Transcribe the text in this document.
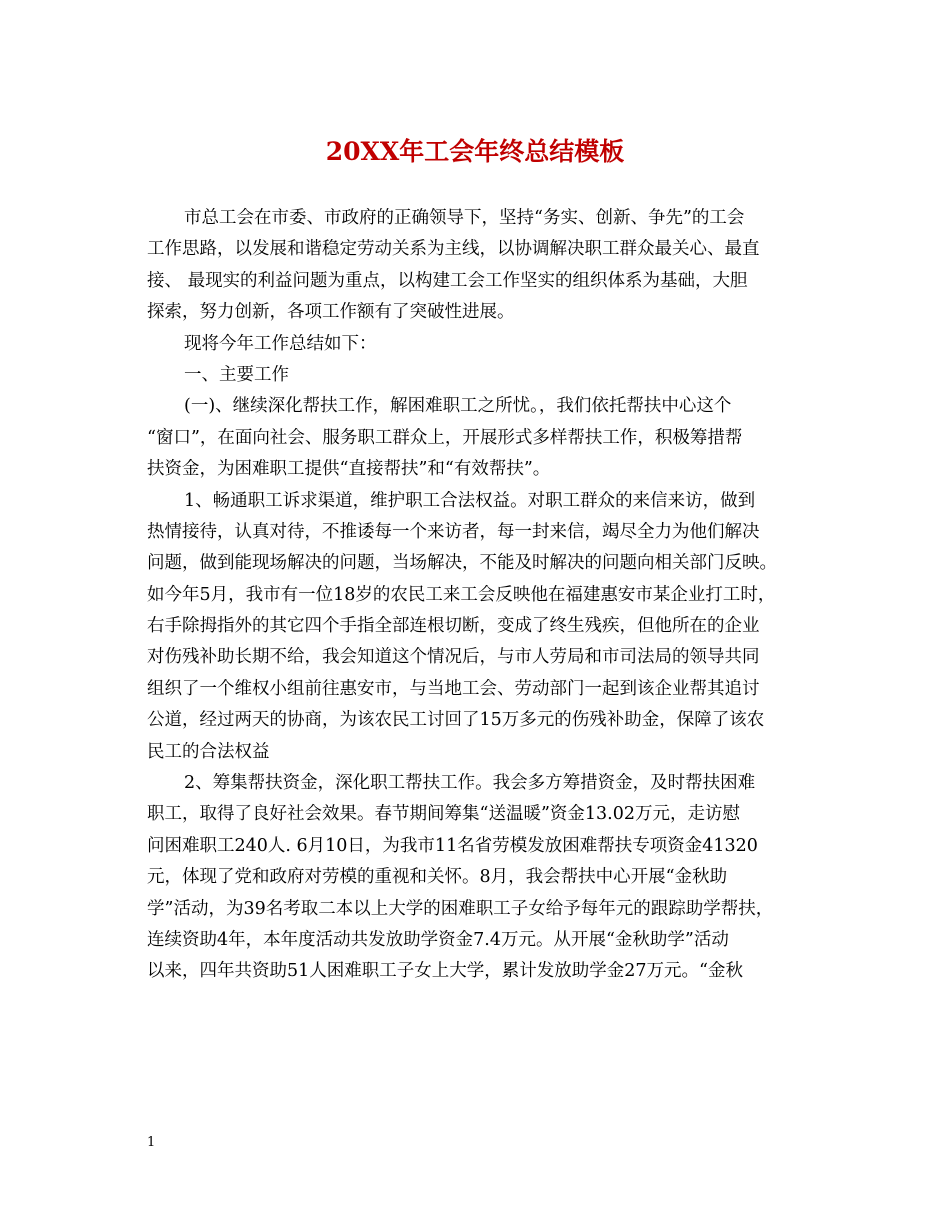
20XX年工会年终总结模板
市总工会在市委、市政府的正确领导下，坚持“务实、创新、争先”的工会
工作思路，以发展和谐稳定劳动关系为主线，以协调解决职工群众最关心、最直
接、 最现实的利益问题为重点，以构建工会工作坚实的组织体系为基础，大胆
探索，努力创新，各项工作额有了突破性进展。
现将今年工作总结如下：
一、主要工作
(一)、继续深化帮扶工作，解困难职工之所忧。，我们依托帮扶中心这个
“窗口”，在面向社会、服务职工群众上，开展形式多样帮扶工作，积极筹措帮
扶资金，为困难职工提供“直接帮扶”和“有效帮扶”。
1、畅通职工诉求渠道，维护职工合法权益。对职工群众的来信来访，做到
热情接待，认真对待，不推诿每一个来访者，每一封来信，竭尽全力为他们解决
问题，做到能现场解决的问题，当场解决，不能及时解决的问题向相关部门反映。
如今年5月，我市有一位18岁的农民工来工会反映他在福建惠安市某企业打工时，
右手除拇指外的其它四个手指全部连根切断，变成了终生残疾，但他所在的企业
对伤残补助长期不给，我会知道这个情况后，与市人劳局和市司法局的领导共同
组织了一个维权小组前往惠安市，与当地工会、劳动部门一起到该企业帮其追讨
公道，经过两天的协商，为该农民工讨回了15万多元的伤残补助金，保障了该农
民工的合法权益
2、筹集帮扶资金，深化职工帮扶工作。我会多方筹措资金，及时帮扶困难
职工，取得了良好社会效果。春节期间筹集“送温暖”资金13.02万元，走访慰
问困难职工240人. 6月10日，为我市11名省劳模发放困难帮扶专项资金41320
元，体现了党和政府对劳模的重视和关怀。8月，我会帮扶中心开展“金秋助
学”活动，为39名考取二本以上大学的困难职工子女给予每年元的跟踪助学帮扶，
连续资助4年，本年度活动共发放助学资金7.4万元。从开展“金秋助学”活动
以来，四年共资助51人困难职工子女上大学，累计发放助学金27万元。“金秋
1
